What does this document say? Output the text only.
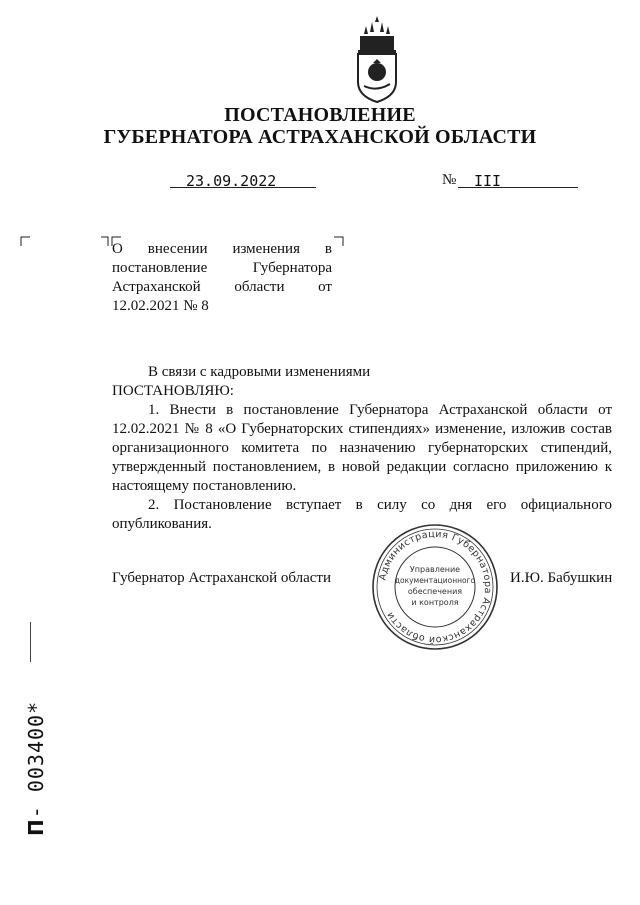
ПОСТАНОВЛЕНИЕ
ГУБЕРНАТОРА АСТРАХАНСКОЙ ОБЛАСТИ
23.09.2022	№ III
О внесении изменения в постановление Губернатора Астраханской области от 12.02.2021 № 8
В связи с кадровыми изменениями
ПОСТАНОВЛЯЮ:
1. Внести в постановление Губернатора Астраханской области от 12.02.2021 № 8 «О Губернаторских стипендиях» изменение, изложив состав организационного комитета по назначению губернаторских стипендий, утвержденный постановлением, в новой редакции согласно приложению к настоящему постановлению.
2. Постановление вступает в силу со дня его официального опубликования.
Губернатор Астраханской области	И.Ю. Бабушкин
Администрация Губернатора Астраханской области
Управление
документационного
обеспечения
и контроля
П- 003400*
